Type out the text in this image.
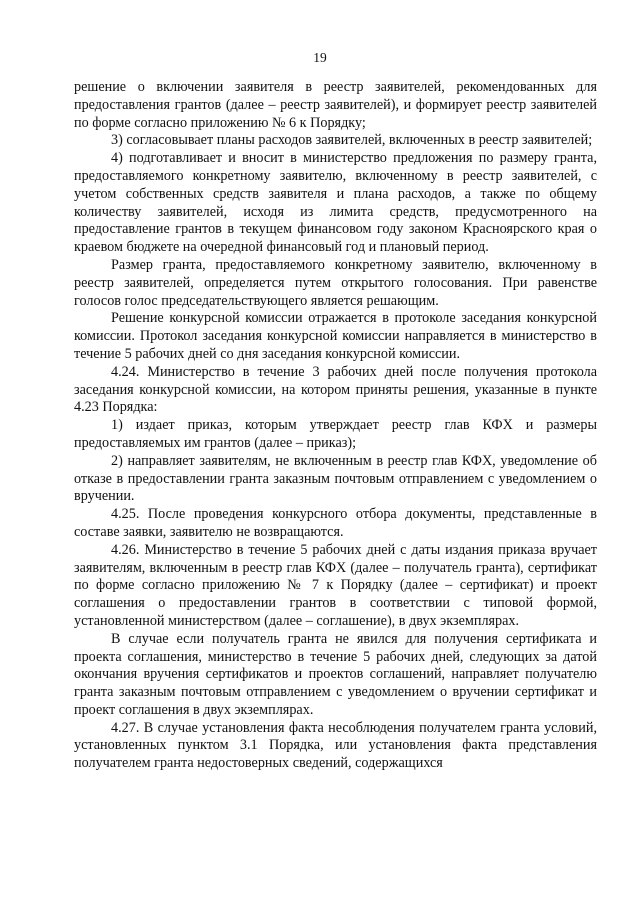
19

решение о включении заявителя в реестр заявителей, рекомендованных для предоставления грантов (далее – реестр заявителей), и формирует реестр заявителей по форме согласно приложению № 6 к Порядку;

3) согласовывает планы расходов заявителей, включенных в реестр заявителей;

4) подготавливает и вносит в министерство предложения по размеру гранта, предоставляемого конкретному заявителю, включенному в реестр заявителей, с учетом собственных средств заявителя и плана расходов, а также по общему количеству заявителей, исходя из лимита средств, предусмотренного на предоставление грантов в текущем финансовом году законом Красноярского края о краевом бюджете на очередной финансовый год и плановый период.

Размер гранта, предоставляемого конкретному заявителю, включенному в реестр заявителей, определяется путем открытого голосования. При равенстве голосов голос председательствующего является решающим.

Решение конкурсной комиссии отражается в протоколе заседания конкурсной комиссии. Протокол заседания конкурсной комиссии направляется в министерство в течение 5 рабочих дней со дня заседания конкурсной комиссии.

4.24. Министерство в течение 3 рабочих дней после получения протокола заседания конкурсной комиссии, на котором приняты решения, указанные в пункте 4.23 Порядка:

1) издает приказ, которым утверждает реестр глав КФХ и размеры предоставляемых им грантов (далее – приказ);

2) направляет заявителям, не включенным в реестр глав КФХ, уведомление об отказе в предоставлении гранта заказным почтовым отправлением с уведомлением о вручении.

4.25. После проведения конкурсного отбора документы, представленные в составе заявки, заявителю не возвращаются.

4.26. Министерство в течение 5 рабочих дней с даты издания приказа вручает заявителям, включенным в реестр глав КФХ (далее – получатель гранта), сертификат по форме согласно приложению № 7 к Порядку (далее – сертификат) и проект соглашения о предоставлении грантов в соответствии с типовой формой, установленной министерством (далее – соглашение), в двух экземплярах.

В случае если получатель гранта не явился для получения сертификата и проекта соглашения, министерство в течение 5 рабочих дней, следующих за датой окончания вручения сертификатов и проектов соглашений, направляет получателю гранта заказным почтовым отправлением с уведомлением о вручении сертификат и проект соглашения в двух экземплярах.

4.27. В случае установления факта несоблюдения получателем гранта условий, установленных пунктом 3.1 Порядка, или установления факта представления получателем гранта недостоверных сведений, содержащихся
